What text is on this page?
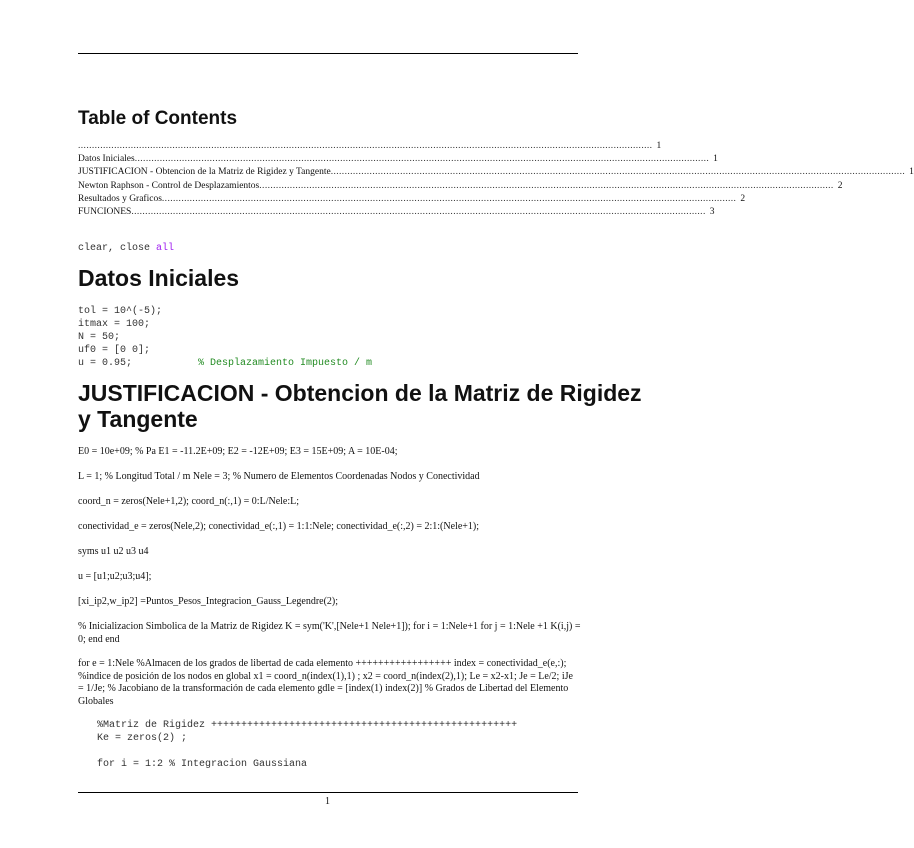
Table of Contents
............................................................................................................................................................................................................... 1
Datos Iniciales ............................................................................................................................................................................................................... 1
JUSTIFICACION - Obtencion de la Matriz de Rigidez y Tangente ............................................................................................................................................................................................................... 1
Newton Raphson - Control de Desplazamientos ............................................................................................................................................................................................................... 2
Resultados y Graficos ............................................................................................................................................................................................................... 2
FUNCIONES ............................................................................................................................................................................................................... 3
clear, close all
Datos Iniciales
tol = 10^(-5);
itmax = 100;
N = 50;
uf0 = [0 0];
u = 0.95;	% Desplazamiento Impuesto / m
JUSTIFICACION - Obtencion de la Matriz de Rigidez y Tangente

E0 = 10e+09; % Pa E1 = -11.2E+09; E2 = -12E+09; E3 = 15E+09; A = 10E-04;

L = 1; % Longitud Total / m Nele = 3; % Numero de Elementos Coordenadas Nodos y Conectividad

coord_n = zeros(Nele+1,2); coord_n(:,1) = 0:L/Nele:L;

conectividad_e = zeros(Nele,2); conectividad_e(:,1) = 1:1:Nele; conectividad_e(:,2) = 2:1:(Nele+1);

syms u1 u2 u3 u4

u = [u1;u2;u3;u4];

[xi_ip2,w_ip2] =Puntos_Pesos_Integracion_Gauss_Legendre(2);

% Inicializacion Simbolica de la Matriz de Rigidez K = sym('K',[Nele+1 Nele+1]); for i = 1:Nele+1 for j = 1:Nele +1 K(i,j) = 0; end end

for e = 1:Nele %Almacen de los grados de libertad de cada elemento +++++++++++++++++ index = conectividad_e(e,:); %indice de posición de los nodos en global x1 = coord_n(index(1),1) ; x2 = coord_n(index(2),1); Le = x2-x1; Je = Le/2; iJe = 1/Je; % Jacobiano de la transformación de cada elemento gdle = [index(1) index(2)] % Grados de Libertad del Elemento Globales

%Matriz de Rigidez +++++++++++++++++++++++++++++++++++++++++++++++++++
Ke = zeros(2) ;

for i = 1:2 % Integracion Gaussiana
1
